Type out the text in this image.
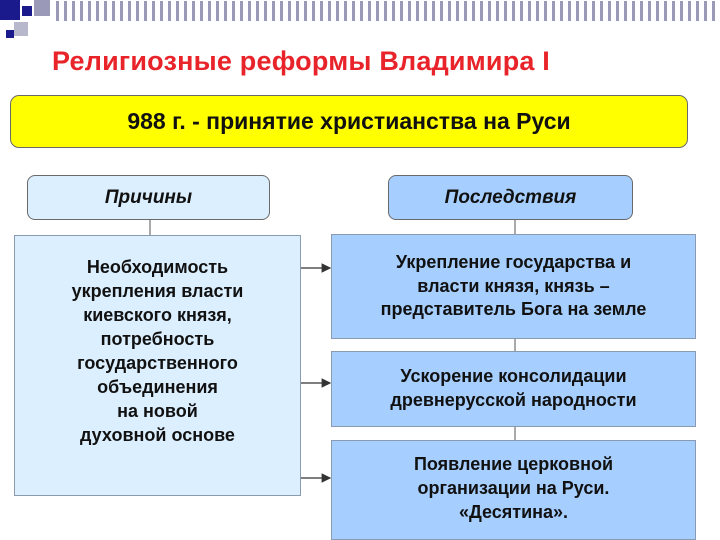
Религиозные реформы Владимира I
988 г. - принятие христианства на Руси
Причины	Последствия
Необходимость
укрепления власти
киевского князя,
потребность
государственного
объединения
на новой
духовной основе
Укрепление государства и
власти князя, князь –
представитель Бога на земле
Ускорение консолидации
древнерусской народности
Появление церковной
организации на Руси.
«Десятина».
